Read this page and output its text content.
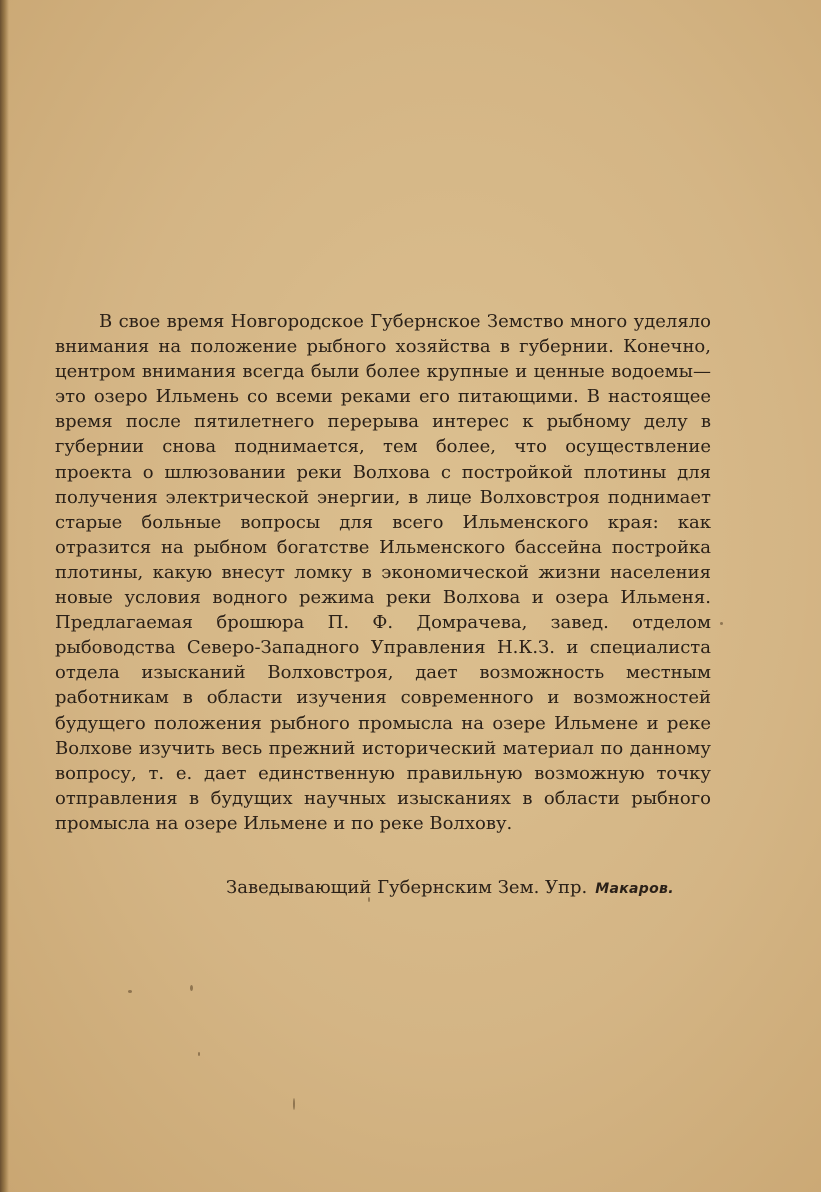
В свое время Новгородское Губернское Земство много уделяло внимания на положение рыбного хозяйства в губернии. Конечно, центром внимания всегда были более крупные и ценные водоемы— это озеро Ильмень со всеми реками его питающими. В настоящее время после пятилетнего перерыва интерес к рыбному делу в губернии снова поднимается, тем более, что осуществление проекта о шлюзовании реки Волхова с постройкой плотины для получения электрической энергии, в лице Волховстроя поднимает старые больные вопросы для всего Ильменского края: как отразится на рыбном богатстве Ильменского бассейна постройка плотины, какую внесут ломку в экономической жизни населения новые условия водного режима реки Волхова и озера Ильменя. Предлагаемая брошюра П. Ф. Домрачева, завед. отделом рыбоводства Северо-Западного Управления Н.К.З. и специалиста отдела изысканий Волховстроя, дает возможность местным работникам в области изучения современного и возможностей будущего положения рыбного промысла на озере Ильмене и реке Волхове изучить весь прежний исторический материал по данному вопросу, т. е. дает единственную правильную возможную точку отправления в будущих научных изысканиях в области рыбного промысла на озере Ильмене и по реке Волхову.

Заведывающий Губернским Зем. Упр. Макаров.
